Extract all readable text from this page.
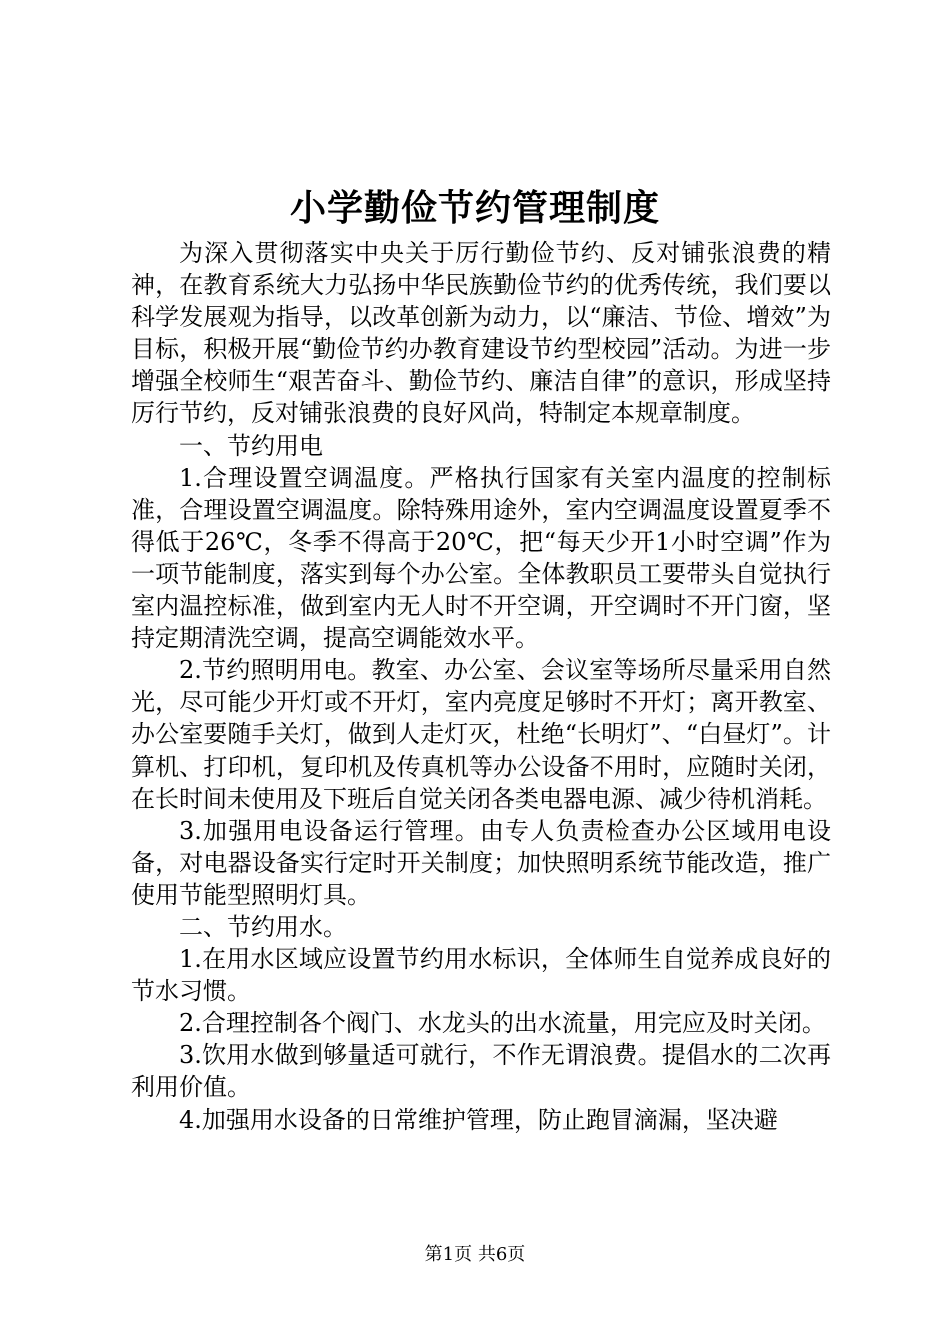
小学勤俭节约管理制度

为深入贯彻落实中央关于厉行勤俭节约、反对铺张浪费的精神，在教育系统大力弘扬中华民族勤俭节约的优秀传统，我们要以科学发展观为指导，以改革创新为动力，以“廉洁、节俭、增效”为目标，积极开展“勤俭节约办教育建设节约型校园”活动。为进一步增强全校师生“艰苦奋斗、勤俭节约、廉洁自律”的意识，形成坚持厉行节约，反对铺张浪费的良好风尚，特制定本规章制度。

一、节约用电

1.合理设置空调温度。严格执行国家有关室内温度的控制标准，合理设置空调温度。除特殊用途外，室内空调温度设置夏季不得低于26℃，冬季不得高于20℃，把“每天少开1小时空调”作为一项节能制度，落实到每个办公室。全体教职员工要带头自觉执行室内温控标准，做到室内无人时不开空调，开空调时不开门窗，坚持定期清洗空调，提高空调能效水平。

2.节约照明用电。教室、办公室、会议室等场所尽量采用自然光，尽可能少开灯或不开灯，室内亮度足够时不开灯；离开教室、办公室要随手关灯，做到人走灯灭，杜绝“长明灯”、“白昼灯”。计算机、打印机，复印机及传真机等办公设备不用时，应随时关闭，在长时间未使用及下班后自觉关闭各类电器电源、减少待机消耗。

3.加强用电设备运行管理。由专人负责检查办公区域用电设备，对电器设备实行定时开关制度；加快照明系统节能改造，推广使用节能型照明灯具。

二、节约用水。

1.在用水区域应设置节约用水标识，全体师生自觉养成良好的节水习惯。

2.合理控制各个阀门、水龙头的出水流量，用完应及时关闭。

3.饮用水做到够量适可就行，不作无谓浪费。提倡水的二次再利用价值。

4.加强用水设备的日常维护管理，防止跑冒滴漏，坚决避

第1页 共6页
